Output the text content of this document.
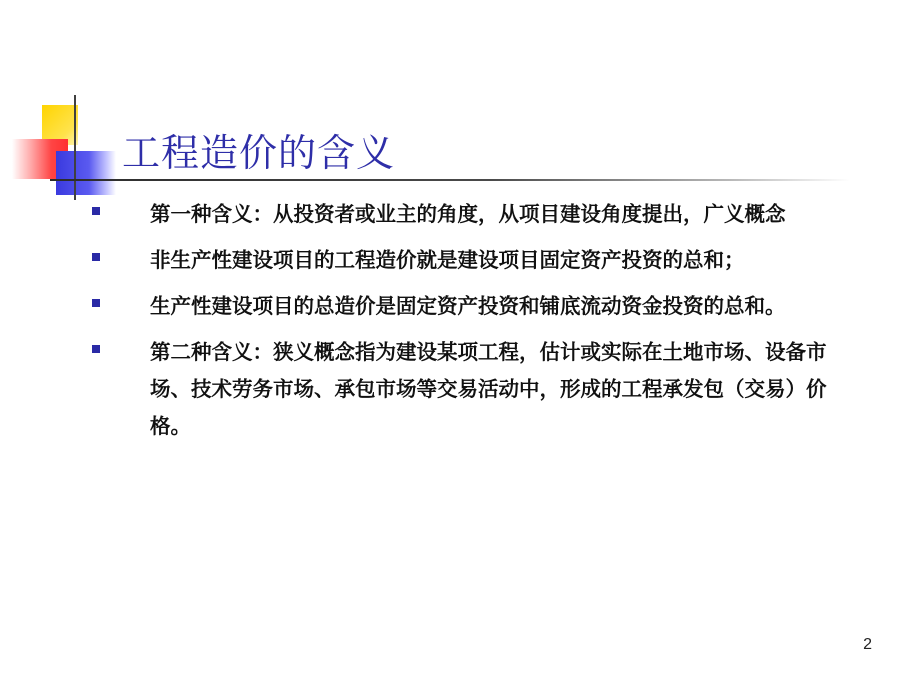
工程造价的含义
第一种含义：从投资者或业主的角度，从项目建设角度提出，广义概念
非生产性建设项目的工程造价就是建设项目固定资产投资的总和；
生产性建设项目的总造价是固定资产投资和铺底流动资金投资的总和。
第二种含义：狭义概念指为建设某项工程，估计或实际在土地市场、设备市场、技术劳务市场、承包市场等交易活动中，形成的工程承发包（交易）价格。
2
